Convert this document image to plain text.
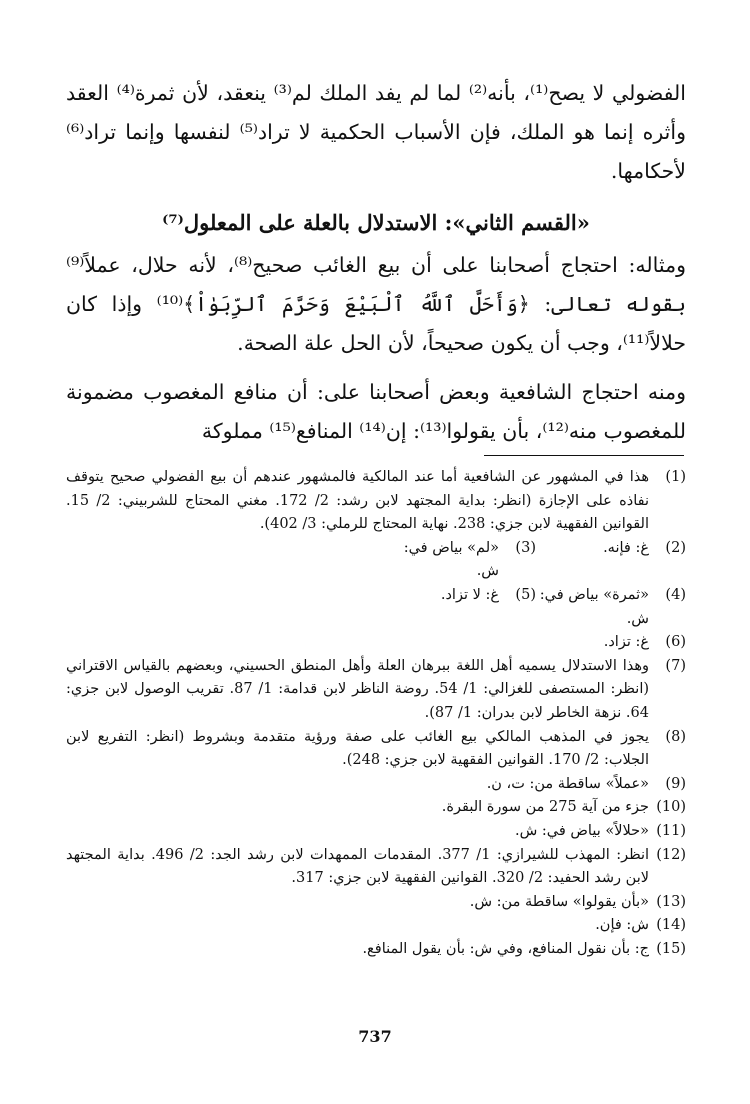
الفضولي لا يصح⁽¹⁾، بأنه⁽²⁾ لما لم يفد الملك لم⁽³⁾ ينعقد، لأن ثمرة⁽⁴⁾ العقد وأثره إنما هو الملك، فإن الأسباب الحكمية لا تراد⁽⁵⁾ لنفسها وإنما تراد⁽⁶⁾ لأحكامها.

«القسم الثاني»: الاستدلال بالعلة على المعلول⁽⁷⁾

ومثاله: احتجاج أصحابنا على أن بيع الغائب صحيح⁽⁸⁾، لأنه حلال، عملاً⁽⁹⁾ بقوله تعالى: ﴿وَأَحَلَّ ٱللَّهُ ٱلْبَيْعَ وَحَرَّمَ ٱلرِّبَوٰاْ﴾⁽¹⁰⁾ وإذا كان حلالاً⁽¹¹⁾، وجب أن يكون صحيحاً، لأن الحل علة الصحة.

ومنه احتجاج الشافعية وبعض أصحابنا على: أن منافع المغصوب مضمونة للمغصوب منه⁽¹²⁾، بأن يقولوا⁽¹³⁾: إن⁽¹⁴⁾ المنافع⁽¹⁵⁾ مملوكة

(1)
هذا في المشهور عن الشافعية أما عند المالكية فالمشهور عندهم أن بيع الفضولي صحيح يتوقف نفاذه على الإجازة (انظر: بداية المجتهد لابن رشد: 2/ 172. مغني المحتاج للشربيني: 2/ 15. القوانين الفقهية لابن جزي: 238. نهاية المحتاج للرملي: 3/ 402).
(2)
غ: فإنه.
(3)
«لم» بياض في: ش.
(4)
«ثمرة» بياض في: ش.
(5)
غ: لا تزاد.
(6)
غ: تزاد.
(7)
وهذا الاستدلال يسميه أهل اللغة ببرهان العلة وأهل المنطق الحسيني، وبعضهم بالقياس الاقتراني (انظر: المستصفى للغزالي: 1/ 54. روضة الناظر لابن قدامة: 1/ 87. تقريب الوصول لابن جزي: 64. نزهة الخاطر لابن بدران: 1/ 87).
(8)
يجوز في المذهب المالكي بيع الغائب على صفة ورؤية متقدمة وبشروط (انظر: التفريع لابن الجلاب: 2/ 170. القوانين الفقهية لابن جزي: 248).
(9)
«عملاً» ساقطة من: ت، ن.
(10)
جزء من آية 275 من سورة البقرة.
(11)
«حلالاً» بياض في: ش.
(12)
انظر: المهذب للشيرازي: 1/ 377. المقدمات الممهدات لابن رشد الجد: 2/ 496. بداية المجتهد لابن رشد الحفيد: 2/ 320. القوانين الفقهية لابن جزي: 317.
(13)
«بأن يقولوا» ساقطة من: ش.
(14)
ش: فإن.
(15)
ج: بأن نقول المنافع، وفي ش: بأن يقول المنافع.
737
